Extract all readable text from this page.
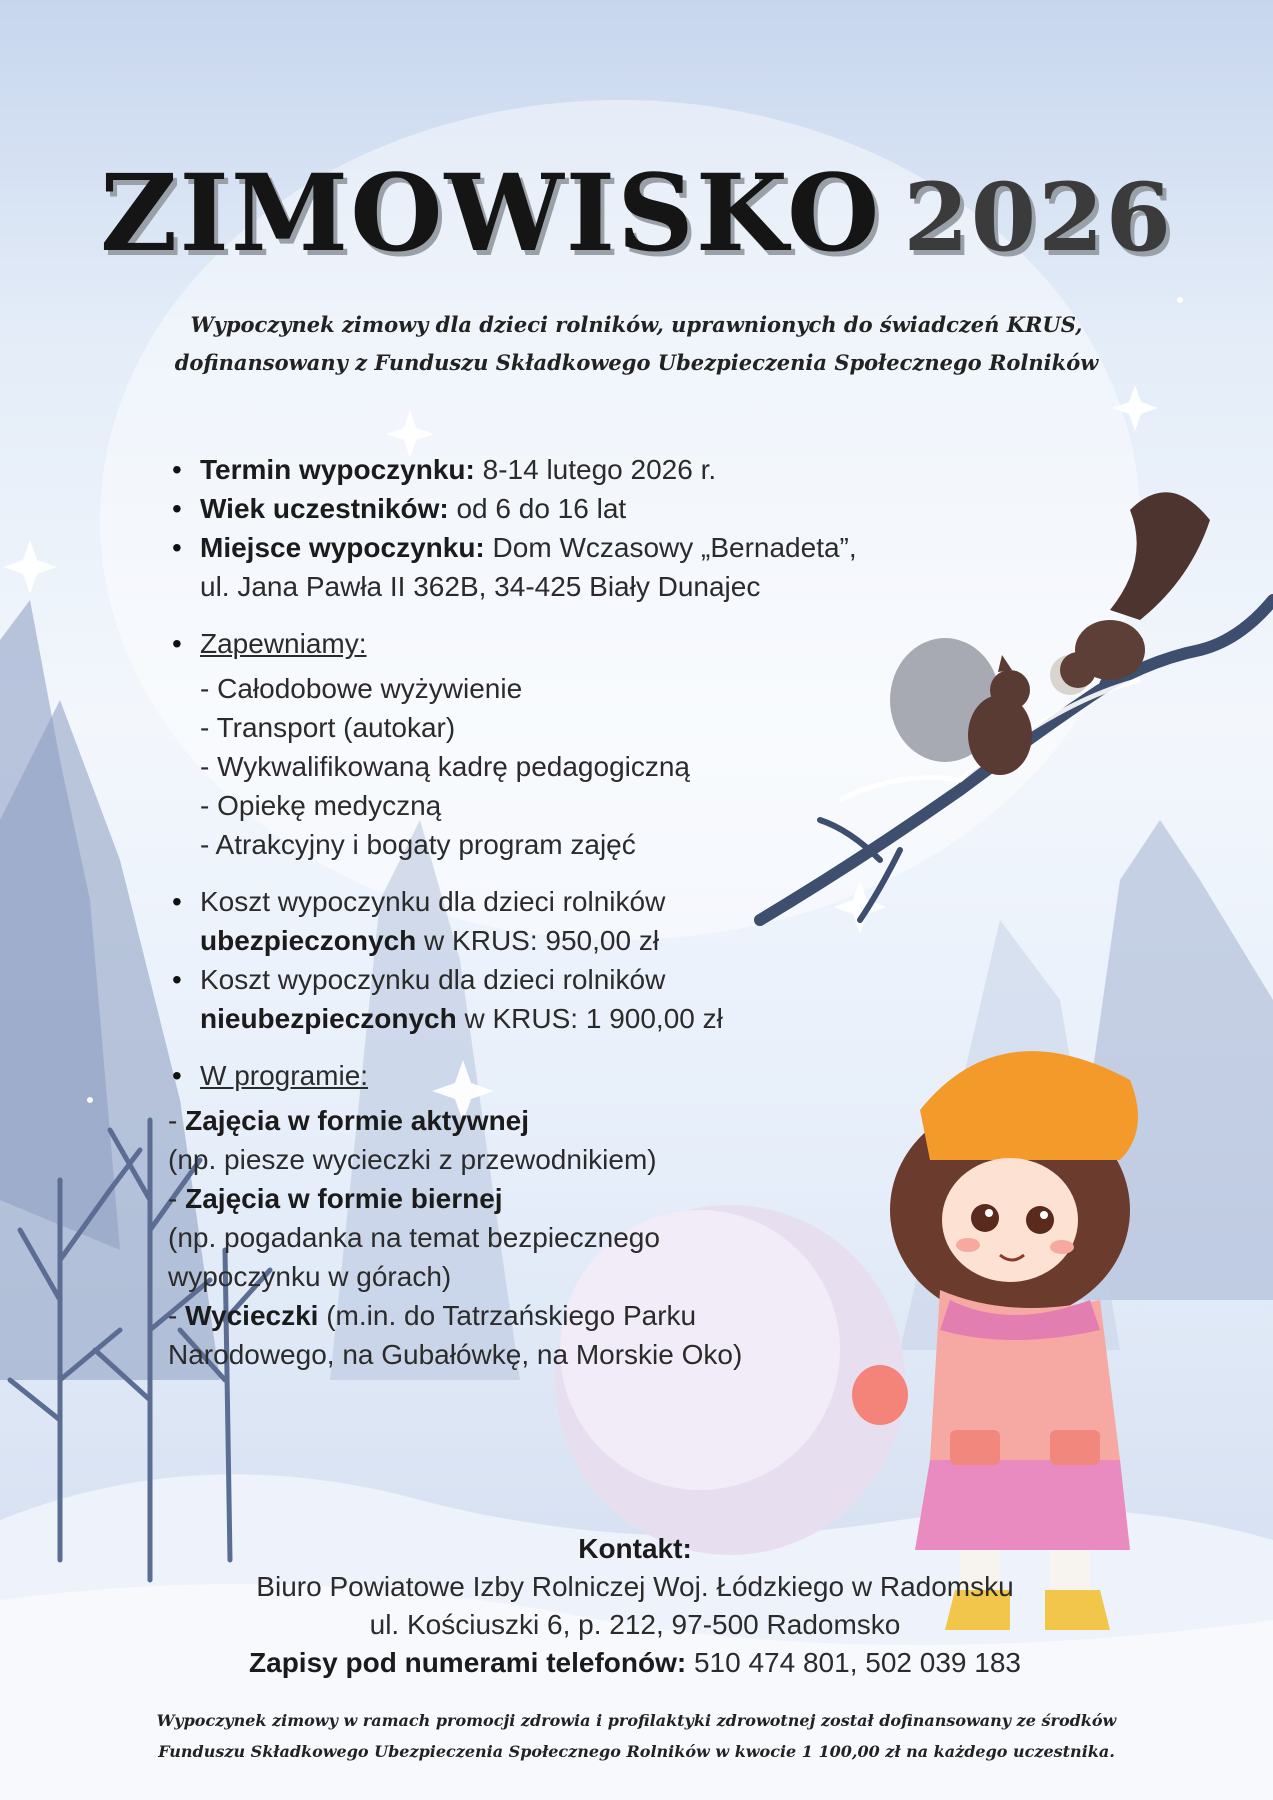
ZIMOWISKO 2026
Wypoczynek zimowy dla dzieci rolników, uprawnionych do świadczeń KRUS,
dofinansowany z Funduszu Składkowego Ubezpieczenia Społecznego Rolników
• Termin wypoczynku: 8-14 lutego 2026 r.
• Wiek uczestników: od 6 do 16 lat
• Miejsce wypoczynku: Dom Wczasowy „Bernadeta”,
ul. Jana Pawła II 362B, 34-425 Biały Dunajec
• Zapewniamy:
- Całodobowe wyżywienie
- Transport (autokar)
- Wykwalifikowaną kadrę pedagogiczną
- Opiekę medyczną
- Atrakcyjny i bogaty program zajęć
• Koszt wypoczynku dla dzieci rolników
ubezpieczonych w KRUS: 950,00 zł
• Koszt wypoczynku dla dzieci rolników
nieubezpieczonych w KRUS: 1 900,00 zł
• W programie:
- Zajęcia w formie aktywnej
(np. piesze wycieczki z przewodnikiem)
- Zajęcia w formie biernej
(np. pogadanka na temat bezpiecznego
wypoczynku w górach)
- Wycieczki (m.in. do Tatrzańskiego Parku
Narodowego, na Gubałówkę, na Morskie Oko)
Kontakt:
Biuro Powiatowe Izby Rolniczej Woj. Łódzkiego w Radomsku
ul. Kościuszki 6, p. 212, 97-500 Radomsko
Zapisy pod numerami telefonów: 510 474 801, 502 039 183
Wypoczynek zimowy w ramach promocji zdrowia i profilaktyki zdrowotnej został dofinansowany ze środków
Funduszu Składkowego Ubezpieczenia Społecznego Rolników w kwocie 1 100,00 zł na każdego uczestnika.
